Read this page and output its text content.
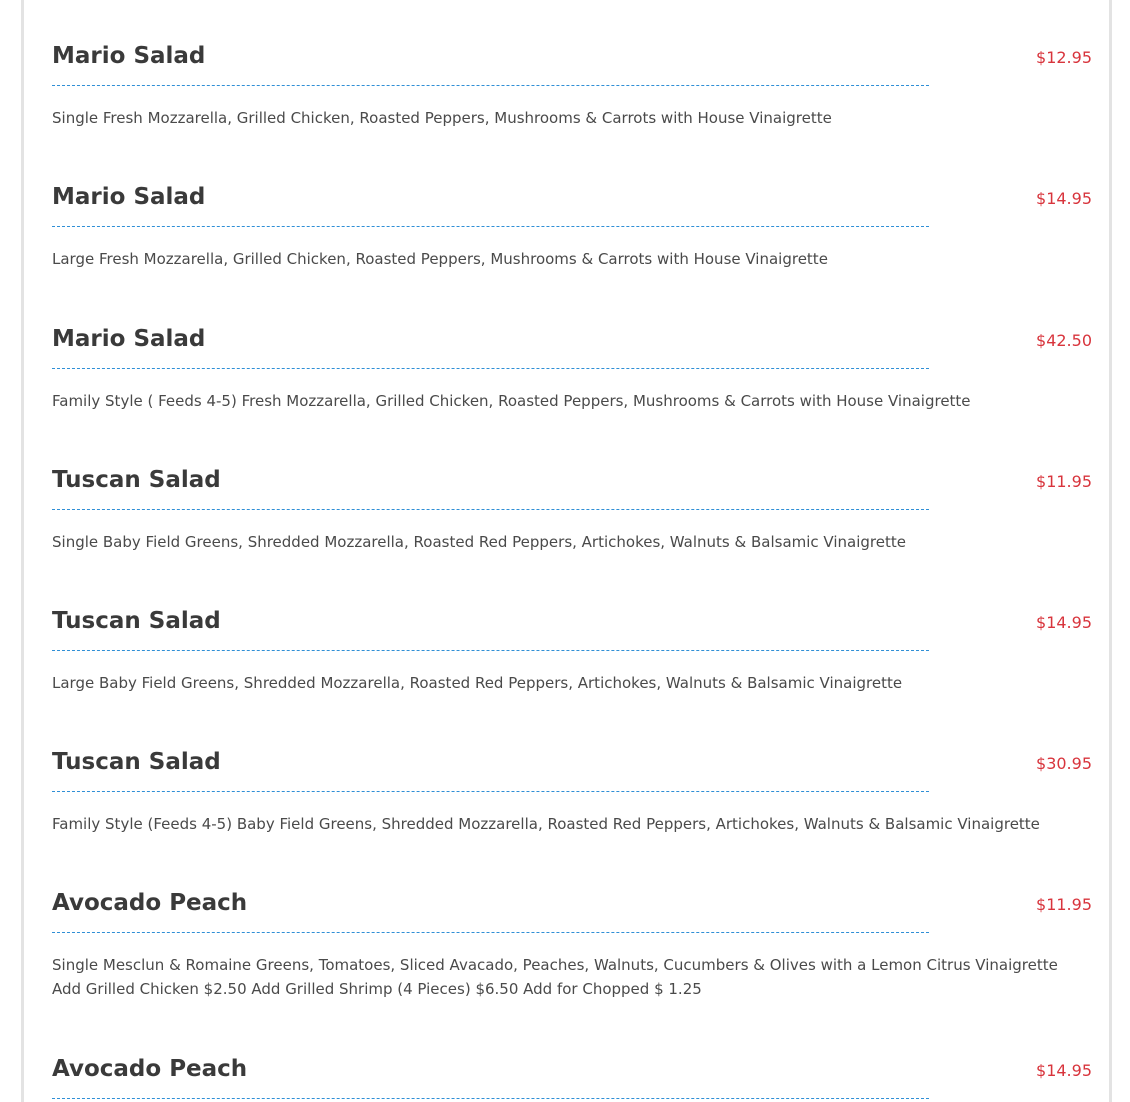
Mario Salad	$12.95
Single Fresh Mozzarella, Grilled Chicken, Roasted Peppers, Mushrooms & Carrots with House Vinaigrette
Mario Salad	$14.95
Large Fresh Mozzarella, Grilled Chicken, Roasted Peppers, Mushrooms & Carrots with House Vinaigrette
Mario Salad	$42.50
Family Style ( Feeds 4-5) Fresh Mozzarella, Grilled Chicken, Roasted Peppers, Mushrooms & Carrots with House Vinaigrette
Tuscan Salad	$11.95
Single Baby Field Greens, Shredded Mozzarella, Roasted Red Peppers, Artichokes, Walnuts & Balsamic Vinaigrette
Tuscan Salad	$14.95
Large Baby Field Greens, Shredded Mozzarella, Roasted Red Peppers, Artichokes, Walnuts & Balsamic Vinaigrette
Tuscan Salad	$30.95
Family Style (Feeds 4-5) Baby Field Greens, Shredded Mozzarella, Roasted Red Peppers, Artichokes, Walnuts & Balsamic Vinaigrette
Avocado Peach	$11.95
Single Mesclun & Romaine Greens, Tomatoes, Sliced Avacado, Peaches, Walnuts, Cucumbers & Olives with a Lemon Citrus Vinaigrette Add Grilled Chicken $2.50 Add Grilled Shrimp (4 Pieces) $6.50 Add for Chopped $ 1.25
Avocado Peach	$14.95
